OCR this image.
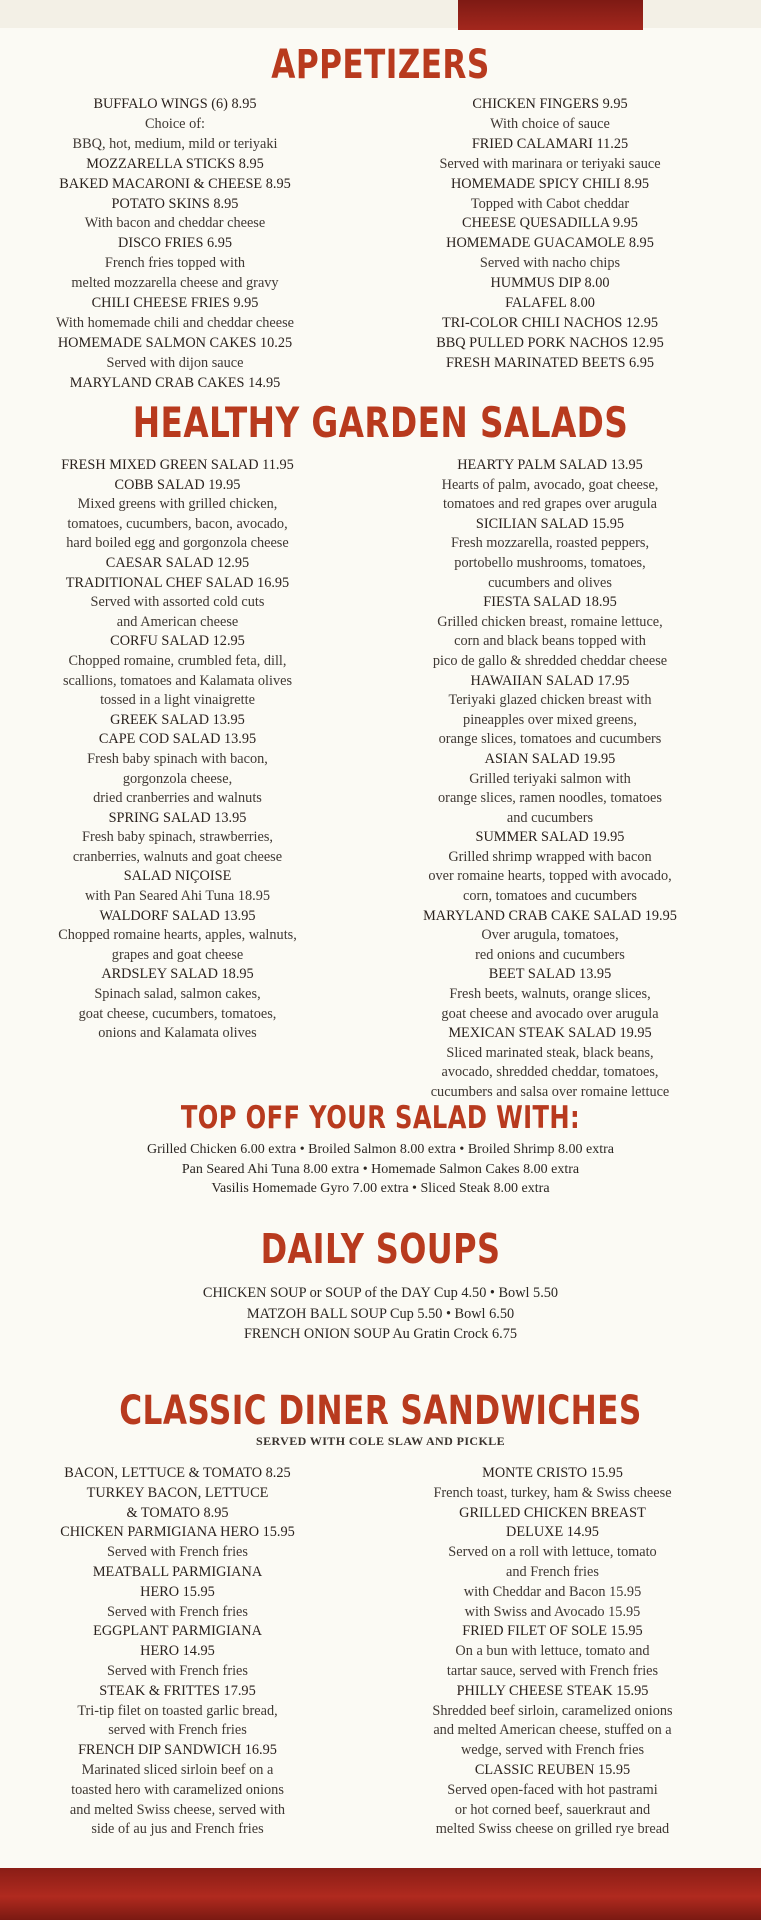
APPETIZERS
BUFFALO WINGS (6) 8.95
Choice of:
BBQ, hot, medium, mild or teriyaki
MOZZARELLA STICKS 8.95
BAKED MACARONI & CHEESE 8.95
POTATO SKINS 8.95
With bacon and cheddar cheese
DISCO FRIES 6.95
French fries topped with
melted mozzarella cheese and gravy
CHILI CHEESE FRIES 9.95
With homemade chili and cheddar cheese
HOMEMADE SALMON CAKES 10.25
Served with dijon sauce
MARYLAND CRAB CAKES 14.95
CHICKEN FINGERS 9.95
With choice of sauce
FRIED CALAMARI 11.25
Served with marinara or teriyaki sauce
HOMEMADE SPICY CHILI 8.95
Topped with Cabot cheddar
CHEESE QUESADILLA 9.95
HOMEMADE GUACAMOLE 8.95
Served with nacho chips
HUMMUS DIP 8.00
FALAFEL 8.00
TRI-COLOR CHILI NACHOS 12.95
BBQ PULLED PORK NACHOS 12.95
FRESH MARINATED BEETS 6.95
HEALTHY GARDEN SALADS
FRESH MIXED GREEN SALAD 11.95
COBB SALAD 19.95
Mixed greens with grilled chicken,
tomatoes, cucumbers, bacon, avocado,
hard boiled egg and gorgonzola cheese
CAESAR SALAD 12.95
TRADITIONAL CHEF SALAD 16.95
Served with assorted cold cuts
and American cheese
CORFU SALAD 12.95
Chopped romaine, crumbled feta, dill,
scallions, tomatoes and Kalamata olives
tossed in a light vinaigrette
GREEK SALAD 13.95
CAPE COD SALAD 13.95
Fresh baby spinach with bacon,
gorgonzola cheese,
dried cranberries and walnuts
SPRING SALAD 13.95
Fresh baby spinach, strawberries,
cranberries, walnuts and goat cheese
SALAD NIÇOISE
with Pan Seared Ahi Tuna 18.95
WALDORF SALAD 13.95
Chopped romaine hearts, apples, walnuts,
grapes and goat cheese
ARDSLEY SALAD 18.95
Spinach salad, salmon cakes,
goat cheese, cucumbers, tomatoes,
onions and Kalamata olives
HEARTY PALM SALAD 13.95
Hearts of palm, avocado, goat cheese,
tomatoes and red grapes over arugula
SICILIAN SALAD 15.95
Fresh mozzarella, roasted peppers,
portobello mushrooms, tomatoes,
cucumbers and olives
FIESTA SALAD 18.95
Grilled chicken breast, romaine lettuce,
corn and black beans topped with
pico de gallo & shredded cheddar cheese
HAWAIIAN SALAD 17.95
Teriyaki glazed chicken breast with
pineapples over mixed greens,
orange slices, tomatoes and cucumbers
ASIAN SALAD 19.95
Grilled teriyaki salmon with
orange slices, ramen noodles, tomatoes
and cucumbers
SUMMER SALAD 19.95
Grilled shrimp wrapped with bacon
over romaine hearts, topped with avocado,
corn, tomatoes and cucumbers
MARYLAND CRAB CAKE SALAD 19.95
Over arugula, tomatoes,
red onions and cucumbers
BEET SALAD 13.95
Fresh beets, walnuts, orange slices,
goat cheese and avocado over arugula
MEXICAN STEAK SALAD 19.95
Sliced marinated steak, black beans,
avocado, shredded cheddar, tomatoes,
cucumbers and salsa over romaine lettuce
TOP OFF YOUR SALAD WITH:
Grilled Chicken 6.00 extra • Broiled Salmon 8.00 extra • Broiled Shrimp 8.00 extra
Pan Seared Ahi Tuna 8.00 extra • Homemade Salmon Cakes 8.00 extra
Vasilis Homemade Gyro 7.00 extra • Sliced Steak 8.00 extra
DAILY SOUPS
CHICKEN SOUP or SOUP of the DAY Cup 4.50 • Bowl 5.50
MATZOH BALL SOUP Cup 5.50 • Bowl 6.50
FRENCH ONION SOUP Au Gratin Crock 6.75
CLASSIC DINER SANDWICHES
SERVED WITH COLE SLAW AND PICKLE
BACON, LETTUCE & TOMATO 8.25
TURKEY BACON, LETTUCE
& TOMATO 8.95
CHICKEN PARMIGIANA HERO 15.95
Served with French fries
MEATBALL PARMIGIANA
HERO 15.95
Served with French fries
EGGPLANT PARMIGIANA
HERO 14.95
Served with French fries
STEAK & FRITTES 17.95
Tri-tip filet on toasted garlic bread,
served with French fries
FRENCH DIP SANDWICH 16.95
Marinated sliced sirloin beef on a
toasted hero with caramelized onions
and melted Swiss cheese, served with
side of au jus and French fries
MONTE CRISTO 15.95
French toast, turkey, ham & Swiss cheese
GRILLED CHICKEN BREAST
DELUXE 14.95
Served on a roll with lettuce, tomato
and French fries
with Cheddar and Bacon 15.95
with Swiss and Avocado 15.95
FRIED FILET OF SOLE 15.95
On a bun with lettuce, tomato and
tartar sauce, served with French fries
PHILLY CHEESE STEAK 15.95
Shredded beef sirloin, caramelized onions
and melted American cheese, stuffed on a
wedge, served with French fries
CLASSIC REUBEN 15.95
Served open-faced with hot pastrami
or hot corned beef, sauerkraut and
melted Swiss cheese on grilled rye bread
